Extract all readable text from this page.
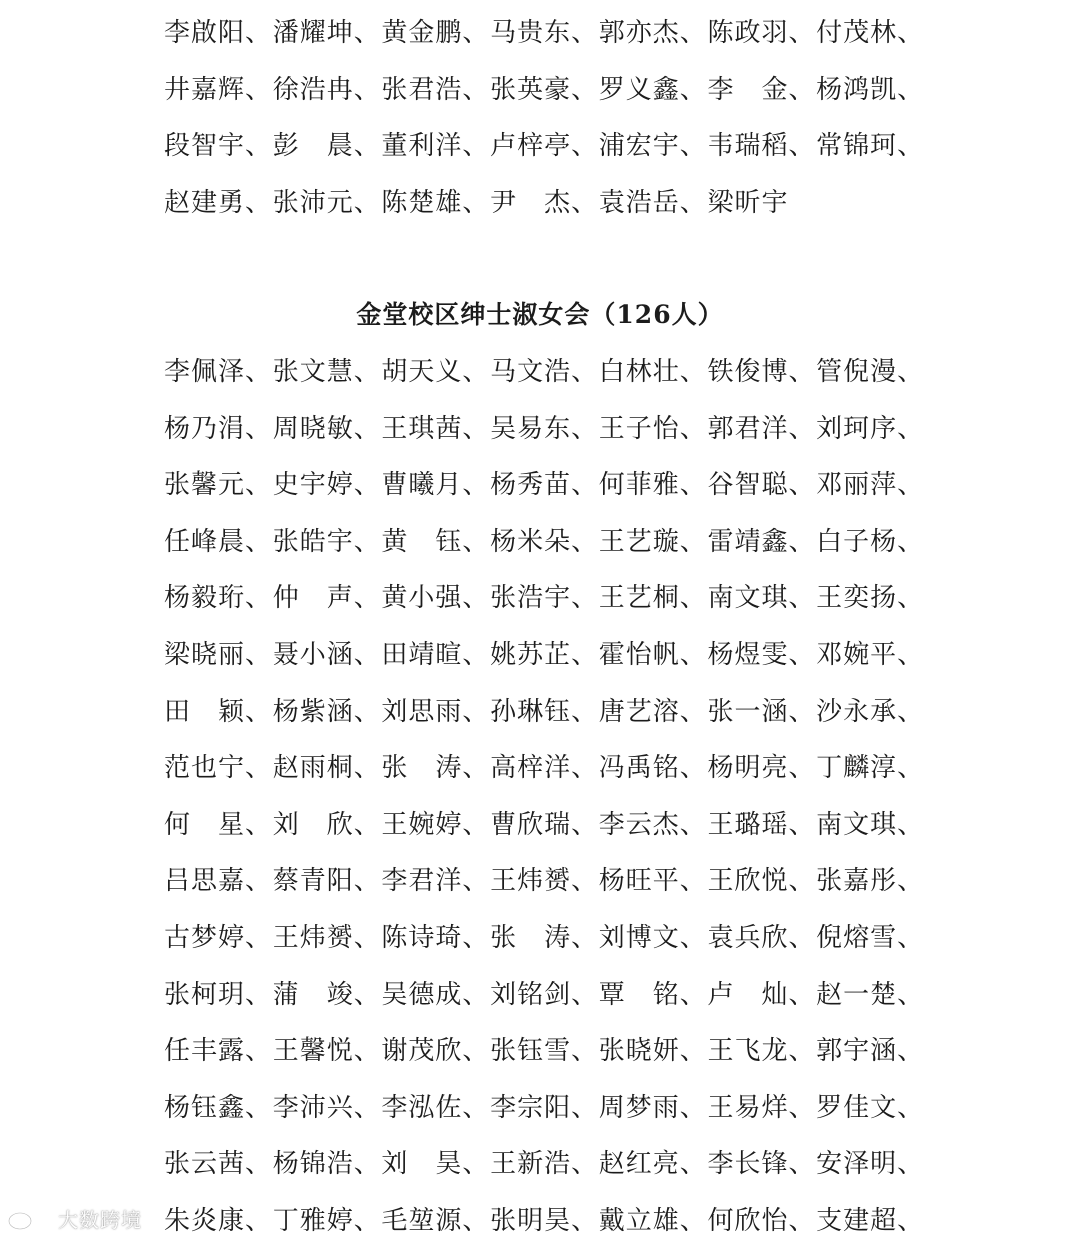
李啟阳、 潘耀坤、 黄金鹏、 马贵东、 郭亦杰、 陈政羽、 付茂林、
井嘉辉、 徐浩冉、 张君浩、 张英豪、 罗义鑫、 李　金、 杨鸿凯、
段智宇、 彭　晨、 董利洋、 卢梓亭、 浦宏宇、 韦瑞稻、 常锦珂、
赵建勇、 张沛元、 陈楚雄、 尹　杰、 袁浩岳、 梁昕宇
金堂校区绅士淑女会（126人）
李佩泽、 张文慧、 胡天义、 马文浩、 白林壮、 铁俊博、 管倪漫、
杨乃涓、 周晓敏、 王琪茜、 吴易东、 王子怡、 郭君洋、 刘珂序、
张馨元、 史宇婷、 曹曦月、 杨秀苗、 何菲雅、 谷智聪、 邓丽萍、
任峰晨、 张皓宇、 黄　钰、 杨米朵、 王艺璇、 雷靖鑫、 白子杨、
杨毅珩、 仲　声、 黄小强、 张浩宇、 王艺桐、 南文琪、 王奕扬、
梁晓丽、 聂小涵、 田靖暄、 姚苏芷、 霍怡帆、 杨煜雯、 邓婉平、
田　颖、 杨紫涵、 刘思雨、 孙琳钰、 唐艺溶、 张一涵、 沙永承、
范也宁、 赵雨桐、 张　涛、 高梓洋、 冯禹铭、 杨明亮、 丁麟淳、
何　星、 刘　欣、 王婉婷、 曹欣瑞、 李云杰、 王璐瑶、 南文琪、
吕思嘉、 蔡青阳、 李君洋、 王炜赟、 杨旺平、 王欣悦、 张嘉彤、
古梦婷、 王炜赟、 陈诗琦、 张　涛、 刘博文、 袁兵欣、 倪熔雪、
张柯玥、 蒲　竣、 吴德成、 刘铭剑、 覃　铭、 卢　灿、 赵一楚、
任丰露、 王馨悦、 谢茂欣、 张钰雪、 张晓妍、 王飞龙、 郭宇涵、
杨钰鑫、 李沛兴、 李泓佐、 李宗阳、 周梦雨、 王易烊、 罗佳文、
张云茜、 杨锦浩、 刘　昊、 王新浩、 赵红亮、 李长锋、 安泽明、
朱炎康、 丁雅婷、 毛堃源、 张明昊、 戴立雄、 何欣怡、 支建超、
大数跨境
